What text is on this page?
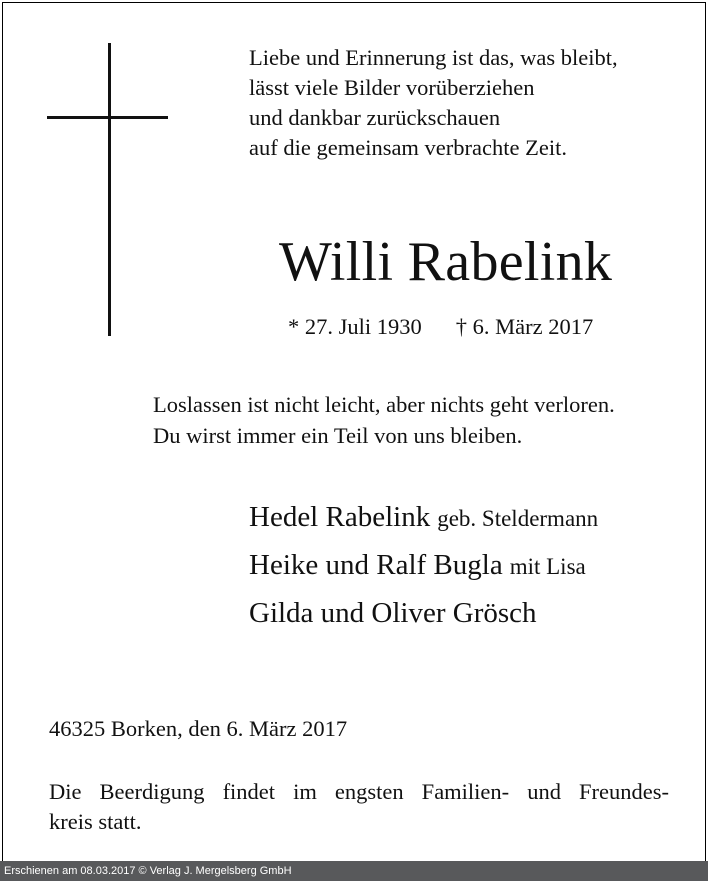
Liebe und Erinnerung ist das, was bleibt,
lässt viele Bilder vorüberziehen
und dankbar zurückschauen
auf die gemeinsam verbrachte Zeit.
Willi Rabelink
* 27. Juli 1930 † 6. März 2017
Loslassen ist nicht leicht, aber nichts geht verloren.
Du wirst immer ein Teil von uns bleiben.
Hedel Rabelink geb. Steldermann
Heike und Ralf Bugla mit Lisa
Gilda und Oliver Grösch
46325 Borken, den 6. März 2017
Die Beerdigung findet im engsten Familien- und Freundes-
kreis statt.
Erschienen am 08.03.2017 © Verlag J. Mergelsberg GmbH
